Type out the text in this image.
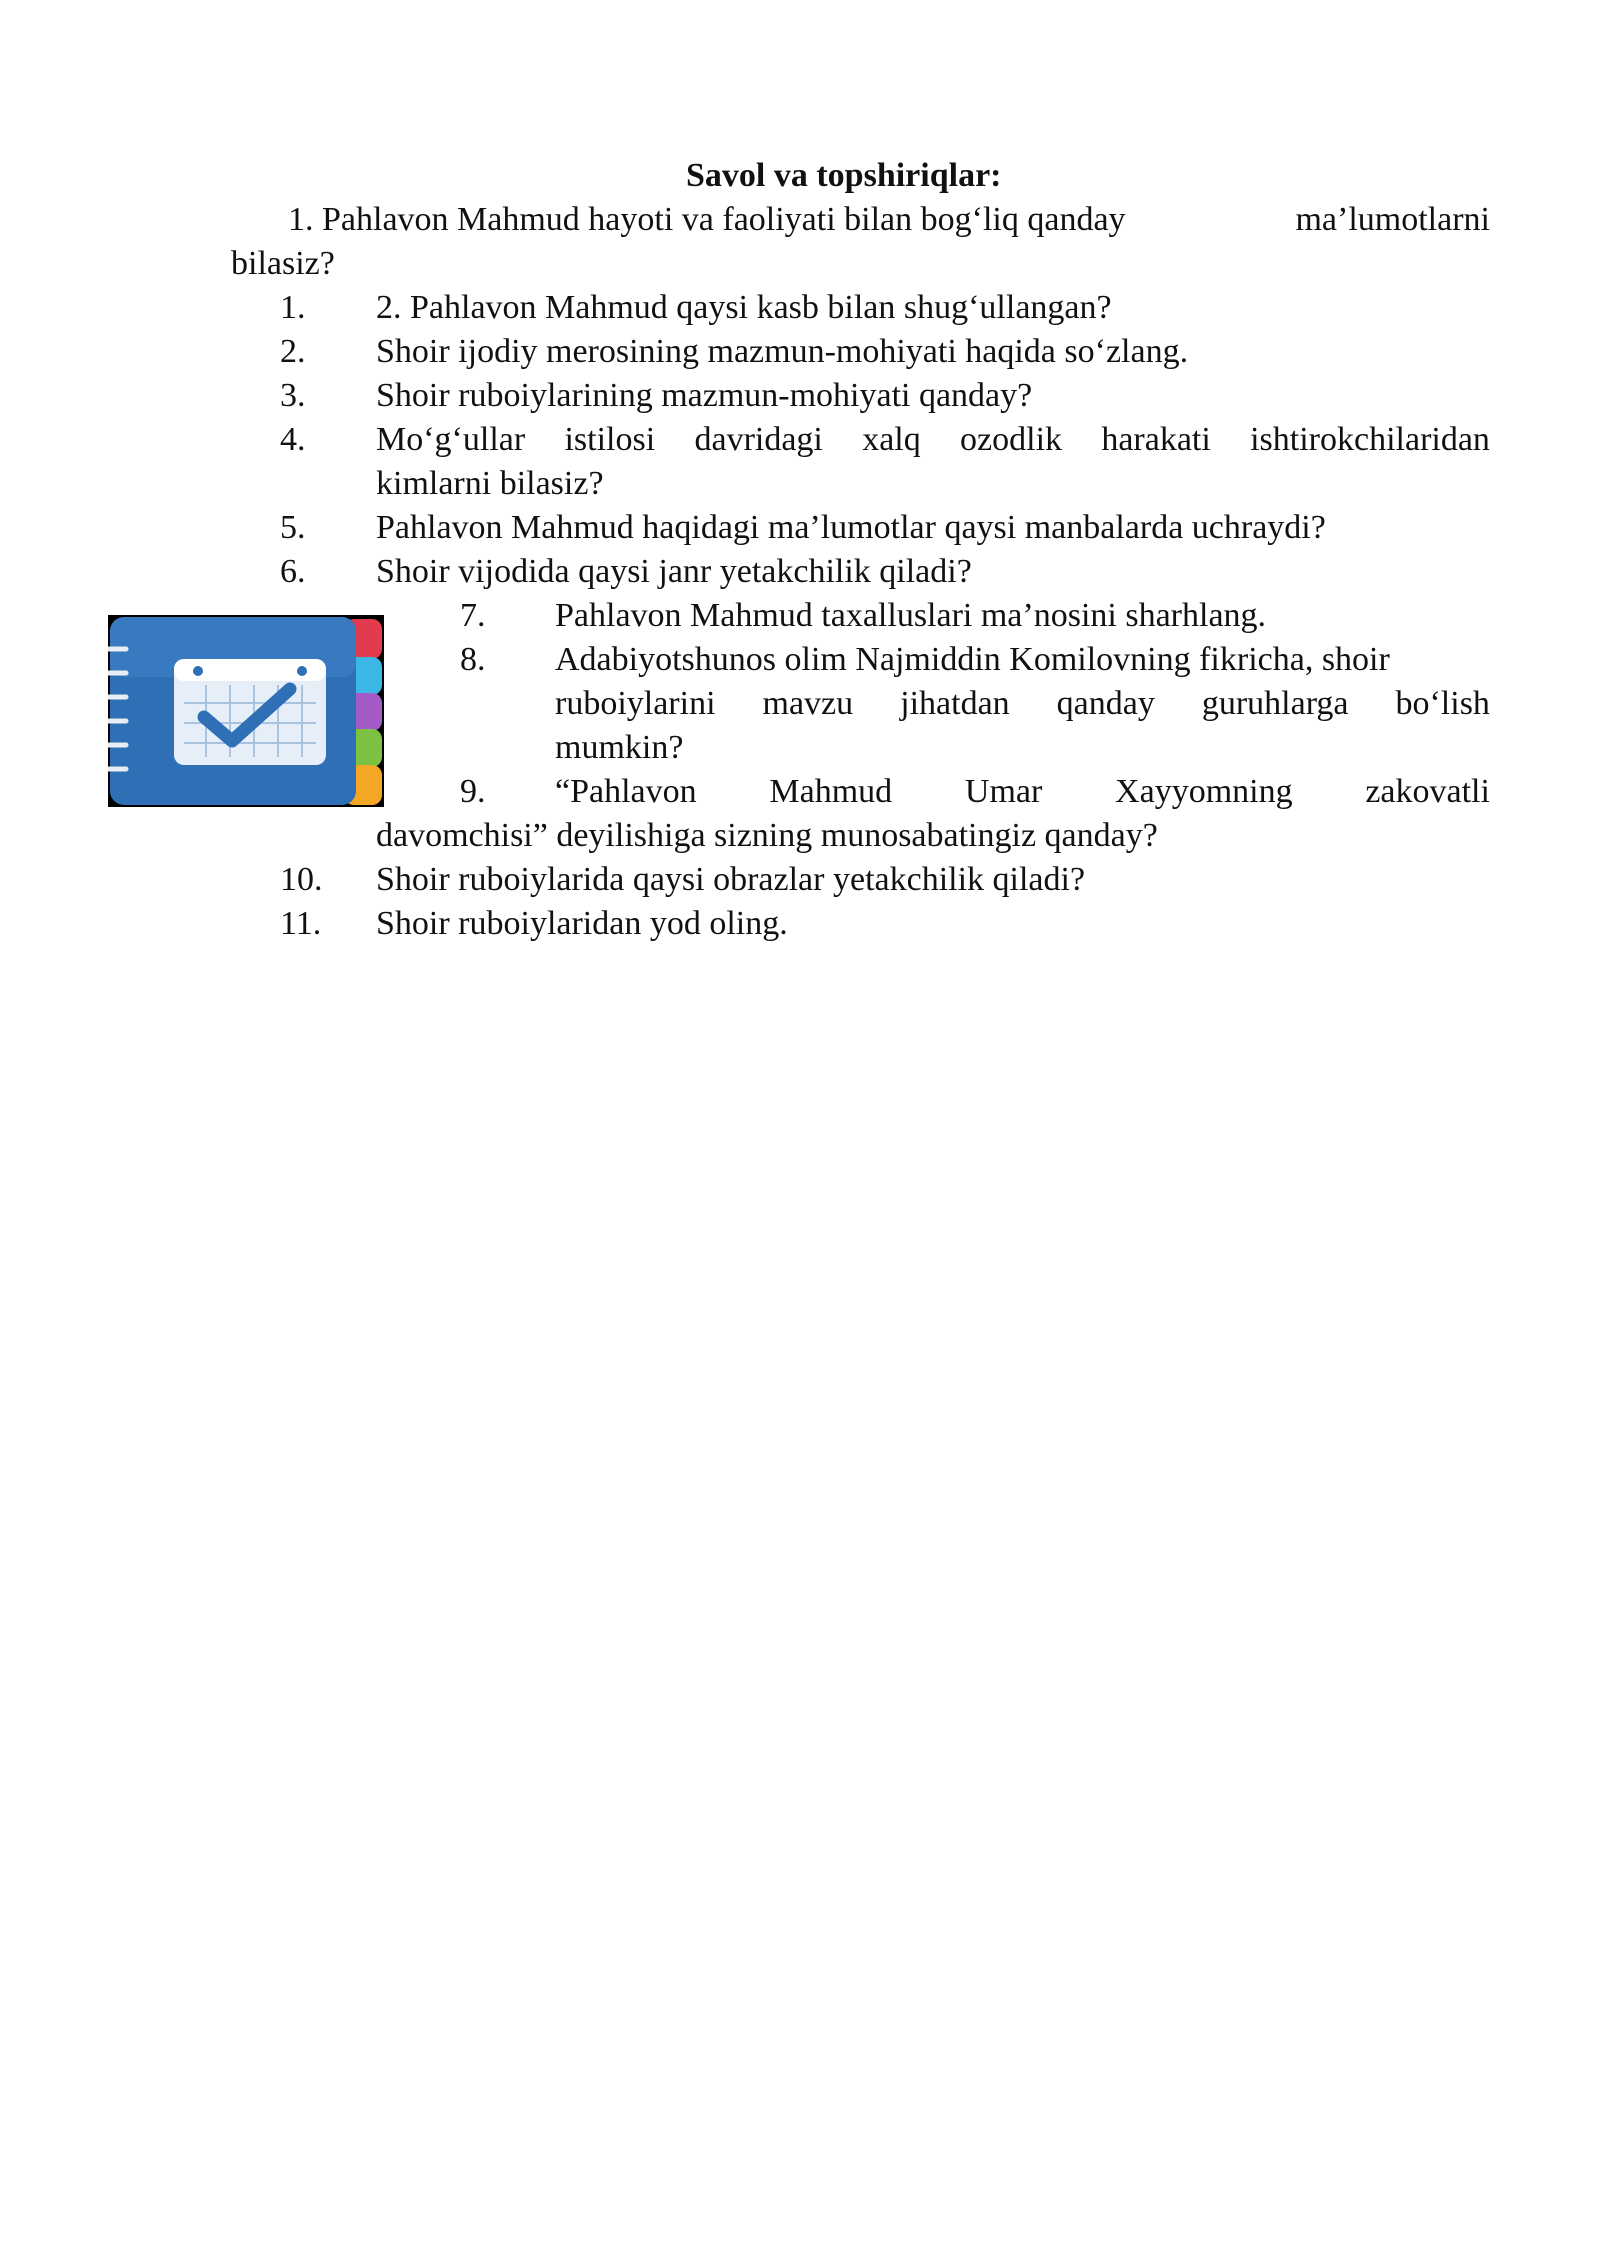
Savol va topshiriqlar:
1. Pahlavon Mahmud hayoti va faoliyati bilan bog‘liq qanday	ma’lumotlarni
bilasiz?
1. 2. Pahlavon Mahmud qaysi kasb bilan shug‘ullangan?
2. Shoir ijodiy merosining mazmun-mohiyati haqida so‘zlang.
3. Shoir ruboiylarining mazmun-mohiyati qanday?
4. Mo‘g‘ullar istilosi davridagi xalq ozodlik harakati ishtirokchilaridan
kimlarni bilasiz?
5. Pahlavon Mahmud haqidagi ma’lumotlar qaysi manbalarda uchraydi?
6. Shoir vijodida qaysi janr yetakchilik qiladi?
7. Pahlavon Mahmud taxalluslari ma’nosini sharhlang.
8. Adabiyotshunos olim Najmiddin Komilovning fikricha, shoir
ruboiylarini mavzu jihatdan qanday guruhlarga bo‘lish
mumkin?
9. “Pahlavon Mahmud Umar Xayyomning zakovatli
davomchisi” deyilishiga sizning munosabatingiz qanday?
10. Shoir ruboiylarida qaysi obrazlar yetakchilik qiladi?
11. Shoir ruboiylaridan yod oling.
